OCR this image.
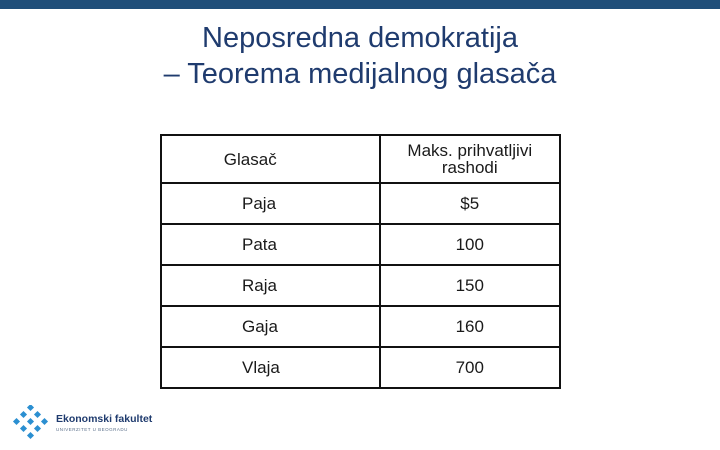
Neposredna demokratija
– Teorema medijalnog glasača
Glasač	Maks. prihvatljivi rashodi
Paja	$5
Pata	100
Raja	150
Gaja	160
Vlaja	700
Ekonomski fakultet
UNIVERZITET U BEOGRADU
